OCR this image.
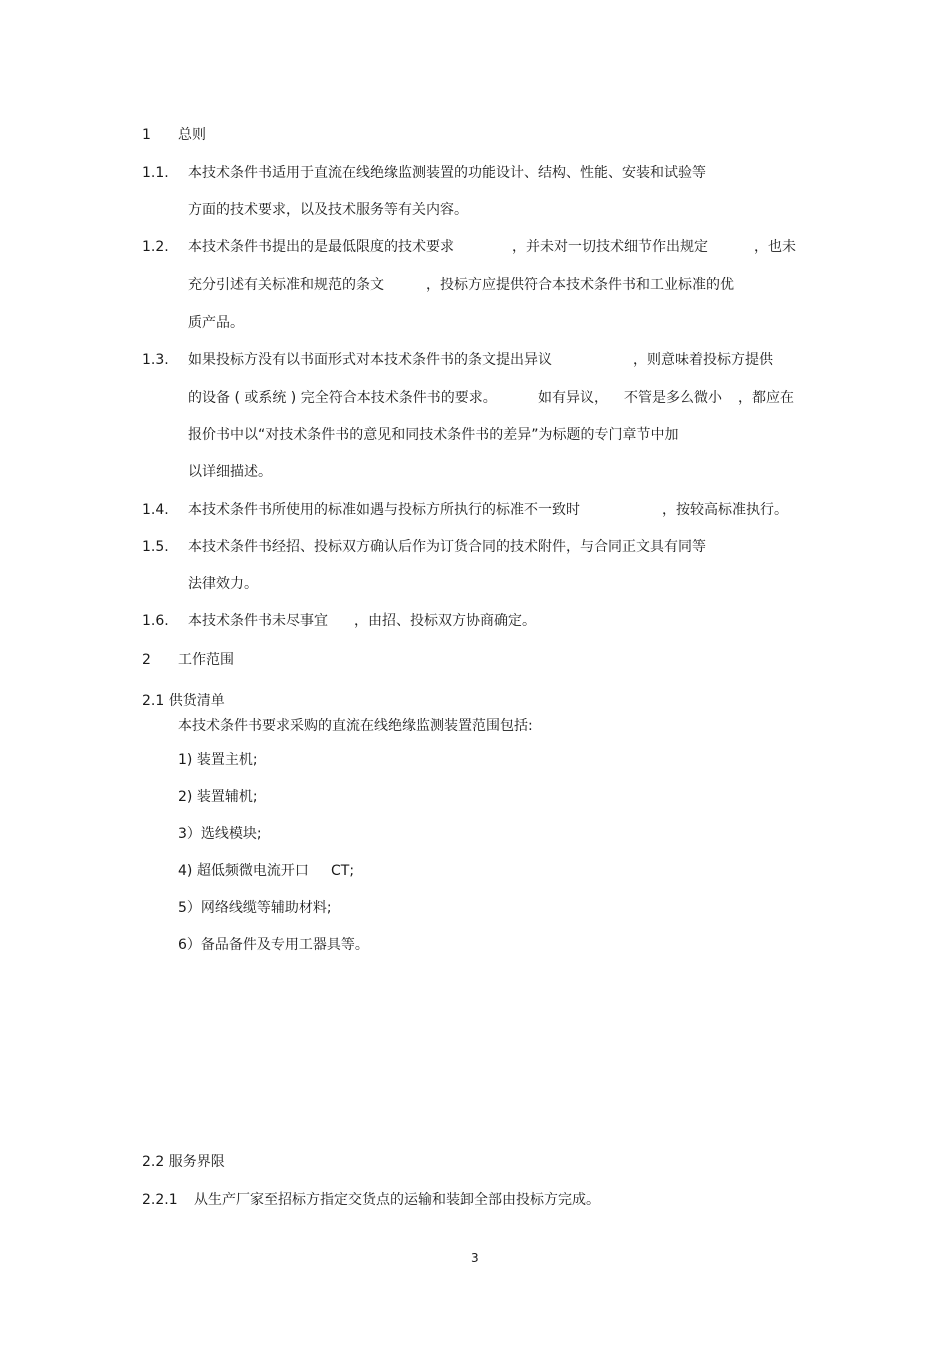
1 总则
1.1. 本技术条件书适用于直流在线绝缘监测装置的功能设计、结构、性能、安装和试验等
方面的技术要求，以及技术服务等有关内容。
1.2. 本技术条件书提出的是最低限度的技术要求	，并未对一切技术细节作出规定	，也未
充分引述有关标准和规范的条文	，投标方应提供符合本技术条件书和工业标准的优
质产品。
1.3. 如果投标方没有以书面形式对本技术条件书的条文提出异议	，则意味着投标方提供
的设备 ( 或系统 ) 完全符合本技术条件书的要求。	如有异议， 不管是多么微小 ，都应在
报价书中以“对技术条件书的意见和同技术条件书的差异”为标题的专门章节中加
以详细描述。
1.4. 本技术条件书所使用的标准如遇与投标方所执行的标准不一致时	，按较高标准执行。
1.5. 本技术条件书经招、投标双方确认后作为订货合同的技术附件，与合同正文具有同等
法律效力。
1.6. 本技术条件书未尽事宜 ，由招、投标双方协商确定。
2 工作范围
2.1 供货清单
本技术条件书要求采购的直流在线绝缘监测装置范围包括:
1) 装置主机;
2) 装置辅机;
3）选线模块;
4) 超低频微电流开口 CT;
5）网络线缆等辅助材料;
6）备品备件及专用工器具等。
2.2 服务界限
2.2.1 从生产厂家至招标方指定交货点的运输和装卸全部由投标方完成。
3
